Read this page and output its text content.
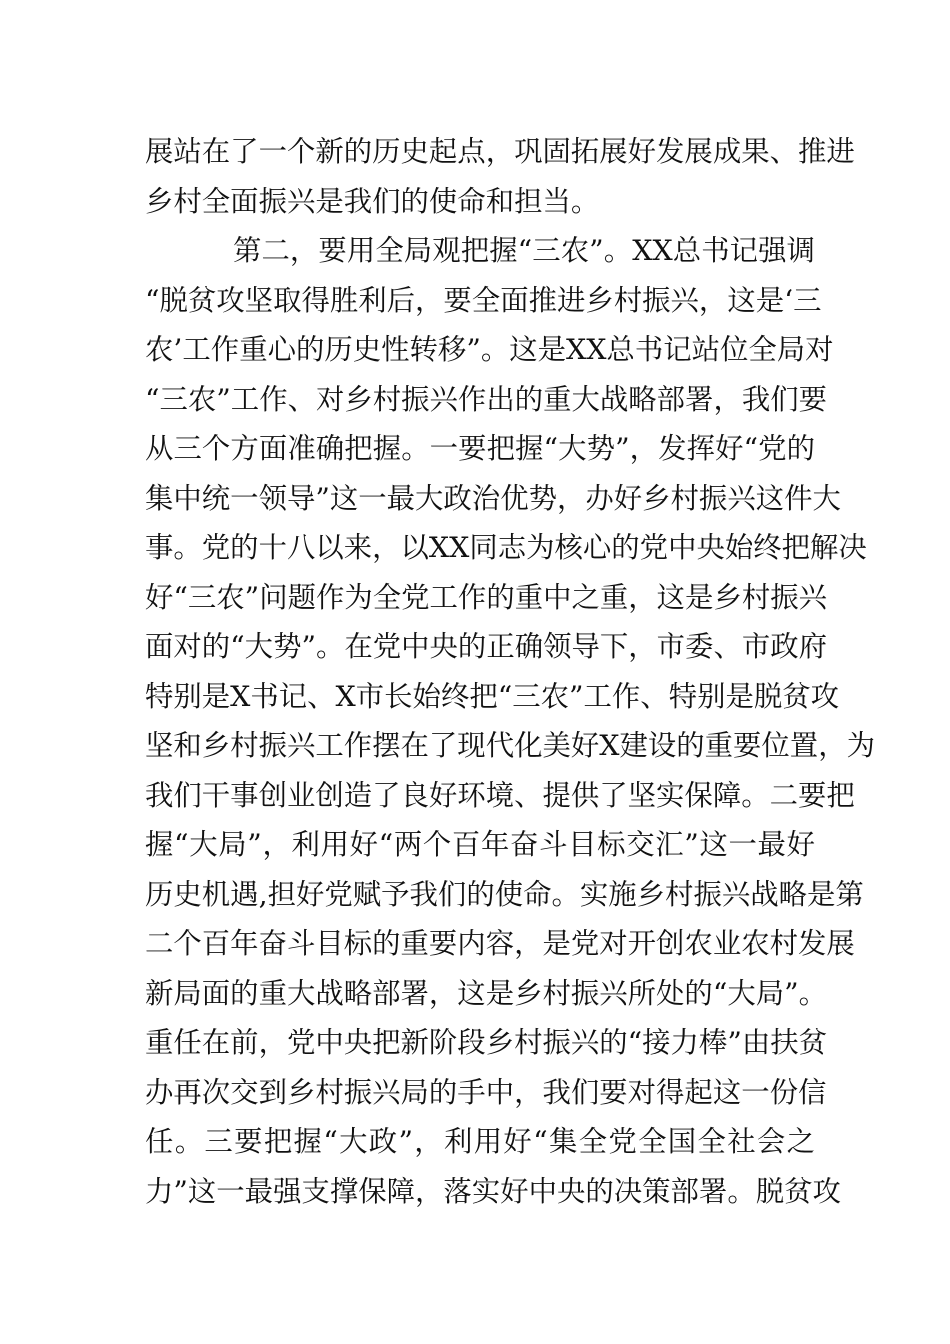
展站在了一个新的历史起点，巩固拓展好发展成果、推进
乡村全面振兴是我们的使命和担当。
第二，要用全局观把握“三农”。XX总书记强调
“脱贫攻坚取得胜利后，要全面推进乡村振兴，这是‘三
农’工作重心的历史性转移”。这是XX总书记站位全局对
“三农”工作、对乡村振兴作出的重大战略部署，我们要
从三个方面准确把握。一要把握“大势”，发挥好“党的
集中统一领导”这一最大政治优势，办好乡村振兴这件大
事。党的十八以来，以XX同志为核心的党中央始终把解决
好“三农”问题作为全党工作的重中之重，这是乡村振兴
面对的“大势”。在党中央的正确领导下，市委、市政府
特别是X书记、X市长始终把“三农”工作、特别是脱贫攻
坚和乡村振兴工作摆在了现代化美好X建设的重要位置，为
我们干事创业创造了良好环境、提供了坚实保障。二要把
握“大局”，利用好“两个百年奋斗目标交汇”这一最好
历史机遇,担好党赋予我们的使命。实施乡村振兴战略是第
二个百年奋斗目标的重要内容，是党对开创农业农村发展
新局面的重大战略部署，这是乡村振兴所处的“大局”。
重任在前，党中央把新阶段乡村振兴的“接力棒”由扶贫
办再次交到乡村振兴局的手中，我们要对得起这一份信
任。三要把握“大政”，利用好“集全党全国全社会之
力”这一最强支撑保障，落实好中央的决策部署。脱贫攻
